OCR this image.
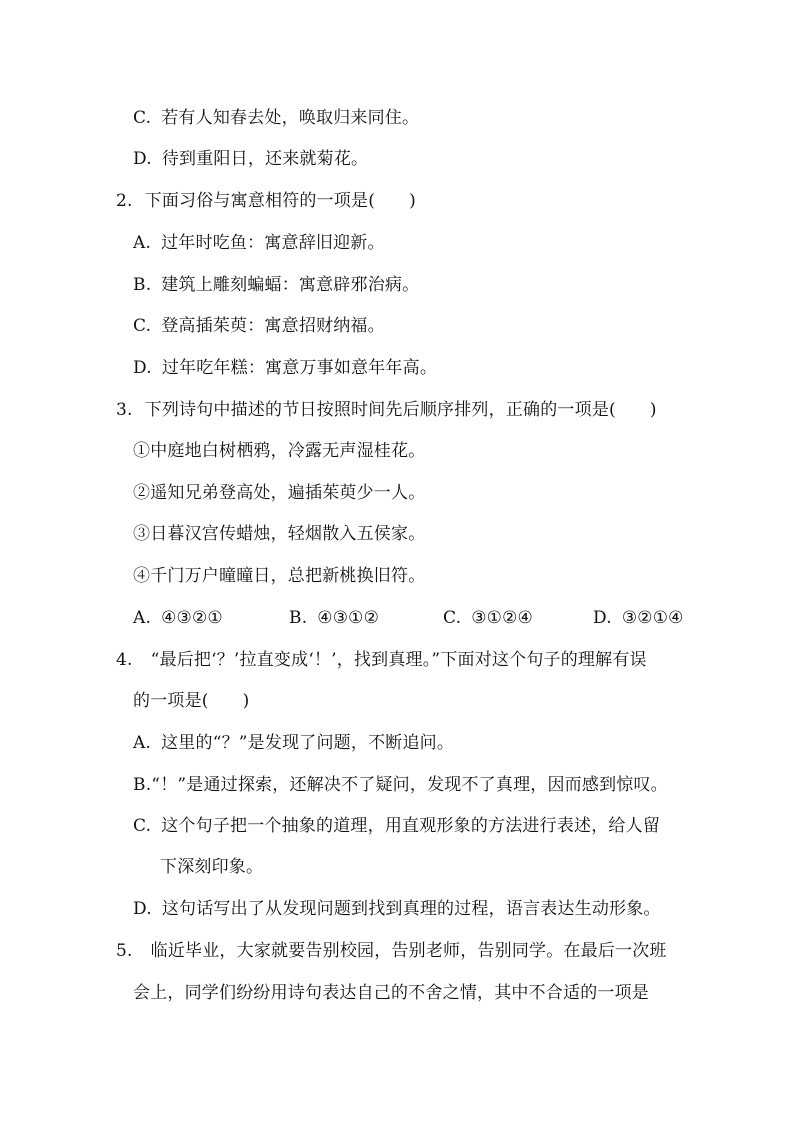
C. 若有人知春去处，唤取归来同住。
D. 待到重阳日，还来就菊花。
2. 下面习俗与寓意相符的一项是( )
A. 过年时吃鱼：寓意辞旧迎新。
B. 建筑上雕刻蝙蝠：寓意辟邪治病。
C. 登高插茱萸：寓意招财纳福。
D. 过年吃年糕：寓意万事如意年年高。
3. 下列诗句中描述的节日按照时间先后顺序排列，正确的一项是( )
①中庭地白树栖鸦，冷露无声湿桂花。
②遥知兄弟登高处，遍插茱萸少一人。
③日暮汉宫传蜡烛，轻烟散入五侯家。
④千门万户曈曈日，总把新桃换旧符。
A. ④③②①	B. ④③①②	C. ③①②④	D. ③②①④
4. “最后把‘？’拉直变成‘！’，找到真理。”下面对这个句子的理解有误
的一项是( )
A. 这里的“？”是发现了问题，不断追问。
B.“！”是通过探索，还解决不了疑问，发现不了真理，因而感到惊叹。
C. 这个句子把一个抽象的道理，用直观形象的方法进行表述，给人留
下深刻印象。
D. 这句话写出了从发现问题到找到真理的过程，语言表达生动形象。
5. 临近毕业，大家就要告别校园，告别老师，告别同学。在最后一次班
会上，同学们纷纷用诗句表达自己的不舍之情，其中不合适的一项是
